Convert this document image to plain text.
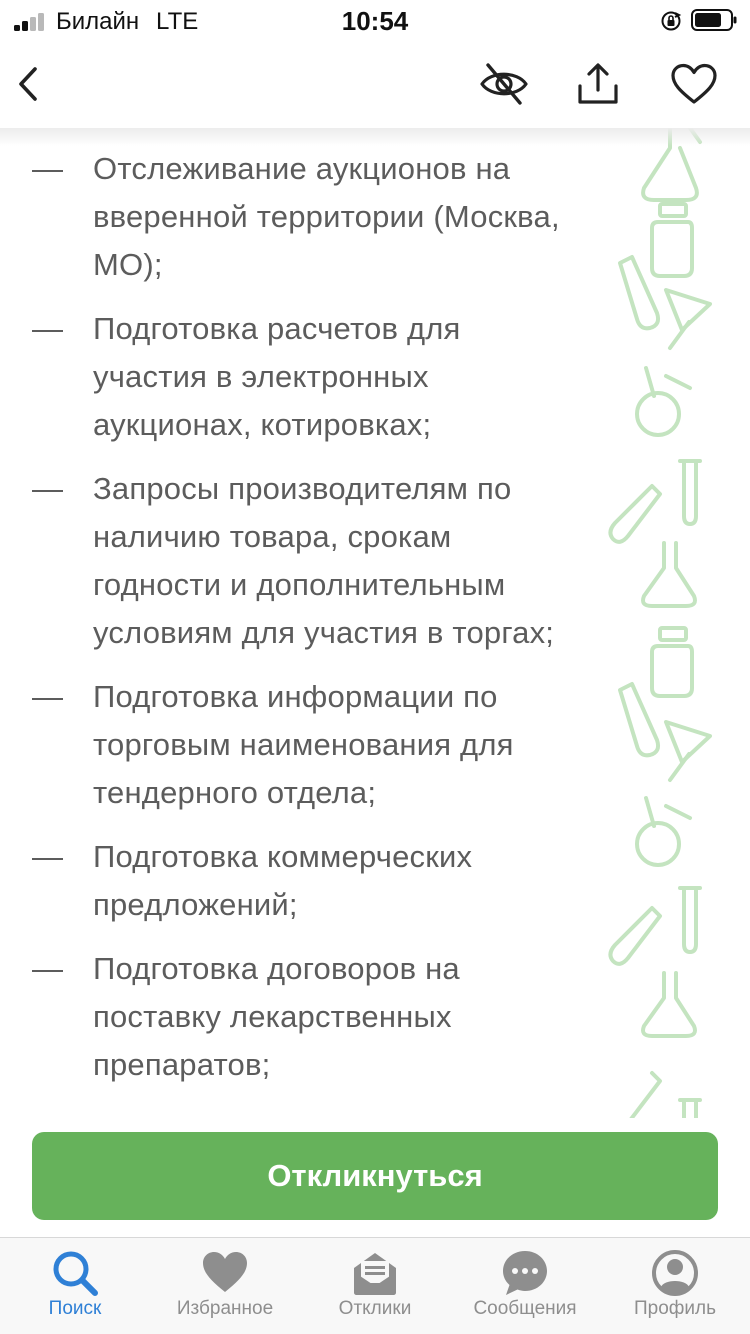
Билайн LTE	10:54
— Отслеживание аукционов на вверенной территории (Москва, МО);
— Подготовка расчетов для участия в электронных аукционах, котировках;
— Запросы производителям по наличию товара, срокам годности и дополнительным условиям для участия в торгах;
— Подготовка информации по торговым наименования для тендерного отдела;
— Подготовка коммерческих предложений;
— Подготовка договоров на поставку лекарственных препаратов;
Откликнуться
Поиск	Избранное	Отклики	Сообщения	Профиль
